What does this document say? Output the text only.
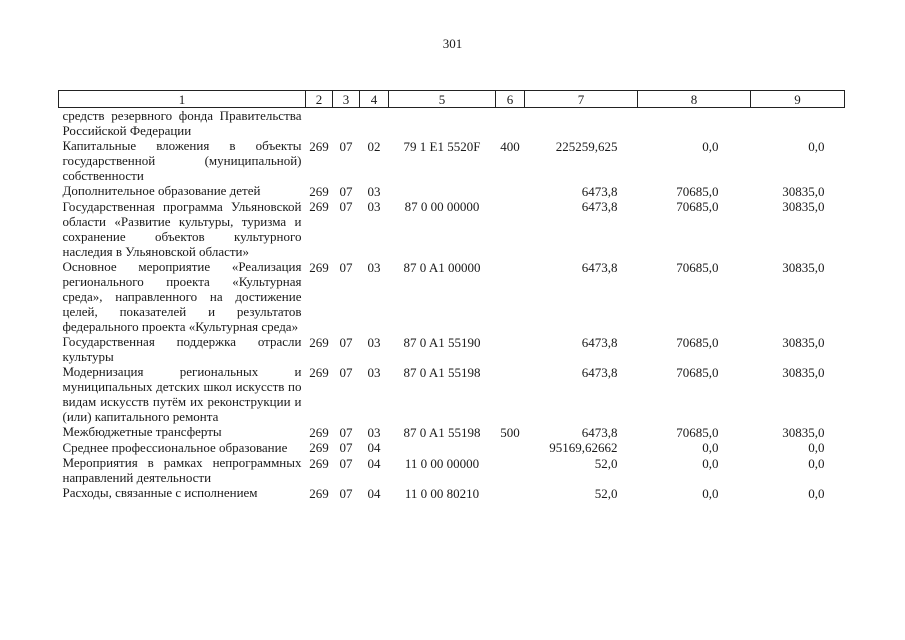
301
1	2	3	4	5	6	7	8	9
средств резервного фонда Правительства Российской Федерации								
Капитальные вложения в объекты государственной (муниципальной) собственности	269	07	02	79 1 E1 5520F	400	225259,625	0,0	0,0
Дополнительное образование детей	269	07	03			6473,8	70685,0	30835,0
Государственная программа Ульяновской области «Развитие культуры, туризма и сохранение объектов культурного наследия в Ульяновской области»	269	07	03	87 0 00 00000		6473,8	70685,0	30835,0
Основное мероприятие «Реализация регионального проекта «Культурная среда», направленного на достижение целей, показателей и результатов федерального проекта «Культурная среда»	269	07	03	87 0 A1 00000		6473,8	70685,0	30835,0
Государственная поддержка отрасли культуры	269	07	03	87 0 A1 55190		6473,8	70685,0	30835,0
Модернизация региональных и муниципальных детских школ искусств по видам искусств путём их реконструкции и (или) капитального ремонта	269	07	03	87 0 A1 55198		6473,8	70685,0	30835,0
Межбюджетные трансферты	269	07	03	87 0 A1 55198	500	6473,8	70685,0	30835,0
Среднее профессиональное образование	269	07	04			95169,62662	0,0	0,0
Мероприятия в рамках непрограммных направлений деятельности	269	07	04	11 0 00 00000		52,0	0,0	0,0
Расходы, связанные с исполнением	269	07	04	11 0 00 80210		52,0	0,0	0,0
